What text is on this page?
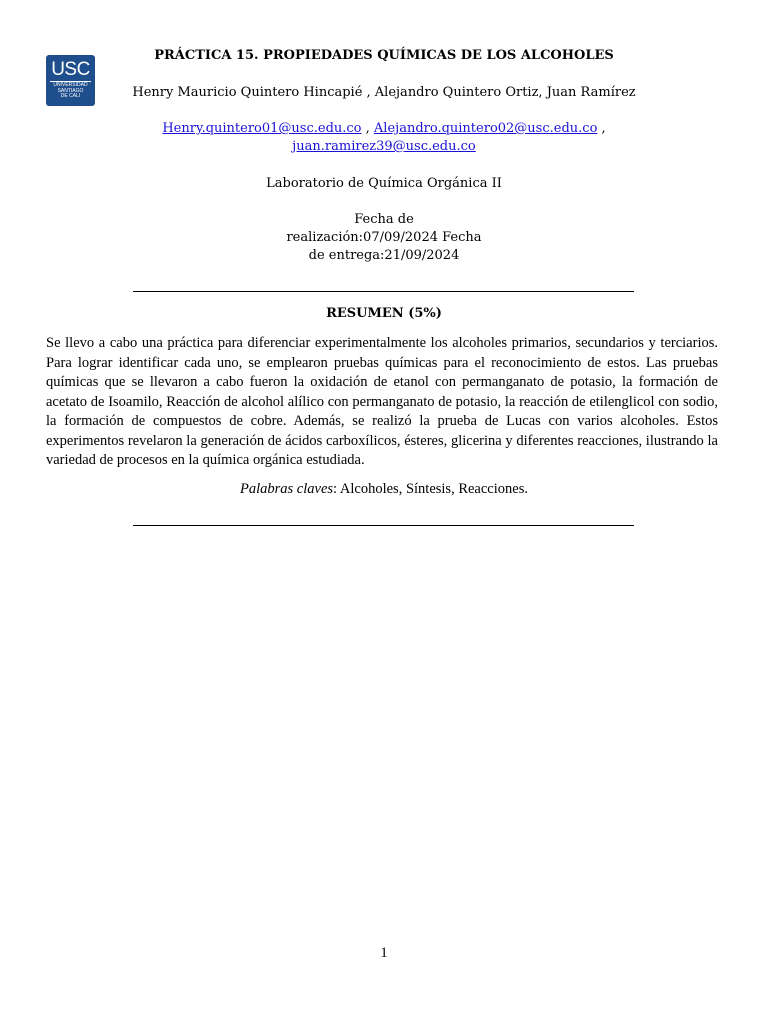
USC
UNIVERSIDAD
SANTIAGO
DE CALI
PRÁCTICA 15. PROPIEDADES QUÍMICAS DE LOS ALCOHOLES
Henry Mauricio Quintero Hincapié , Alejandro Quintero Ortiz, Juan Ramírez
Henry.quintero01@usc.edu.co , Alejandro.quintero02@usc.edu.co ,
juan.ramirez39@usc.edu.co
Laboratorio de Química Orgánica II
Fecha de
realización:07/09/2024 Fecha
de entrega:21/09/2024
RESUMEN (5%)

Se llevo a cabo una práctica para diferenciar experimentalmente los alcoholes primarios, secundarios y terciarios. Para lograr identificar cada uno, se emplearon pruebas químicas para el reconocimiento de estos. Las pruebas químicas que se llevaron a cabo fueron la oxidación de etanol con permanganato de potasio, la formación de acetato de Isoamilo, Reacción de alcohol alílico con permanganato de potasio, la reacción de etilenglicol con sodio, la formación de compuestos de cobre. Además, se realizó la prueba de Lucas con varios alcoholes. Estos experimentos revelaron la generación de ácidos carboxílicos, ésteres, glicerina y diferentes reacciones, ilustrando la variedad de procesos en la química orgánica estudiada.

Palabras claves: Alcoholes, Síntesis, Reacciones.
1
